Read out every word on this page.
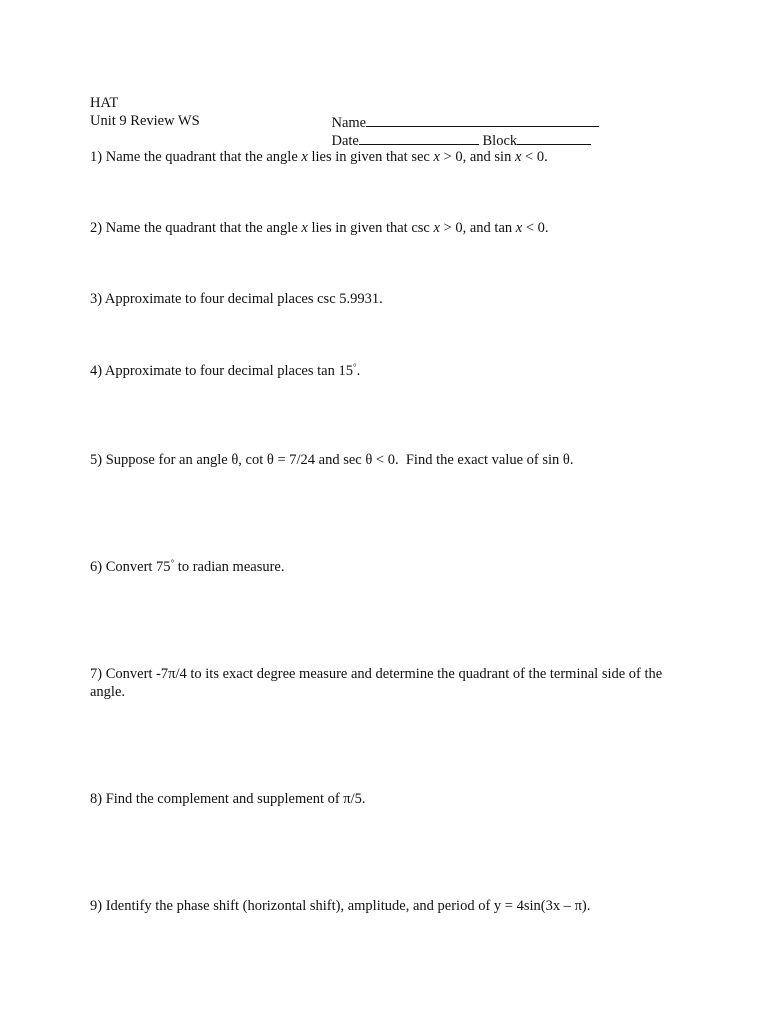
HAT
Unit 9 Review WS	Name

Date	Block

1) Name the quadrant that the angle x lies in given that sec x > 0, and sin x < 0.
2) Name the quadrant that the angle x lies in given that csc x > 0, and tan x < 0.
3) Approximate to four decimal places csc 5.9931.
4) Approximate to four decimal places tan 15°.
5) Suppose for an angle θ, cot θ = 7/24 and sec θ < 0.  Find the exact value of sin θ.
6) Convert 75° to radian measure.
7) Convert -7π/4 to its exact degree measure and determine the quadrant of the terminal side of the angle.
8) Find the complement and supplement of π/5.
9) Identify the phase shift (horizontal shift), amplitude, and period of y = 4sin(3x – π).
